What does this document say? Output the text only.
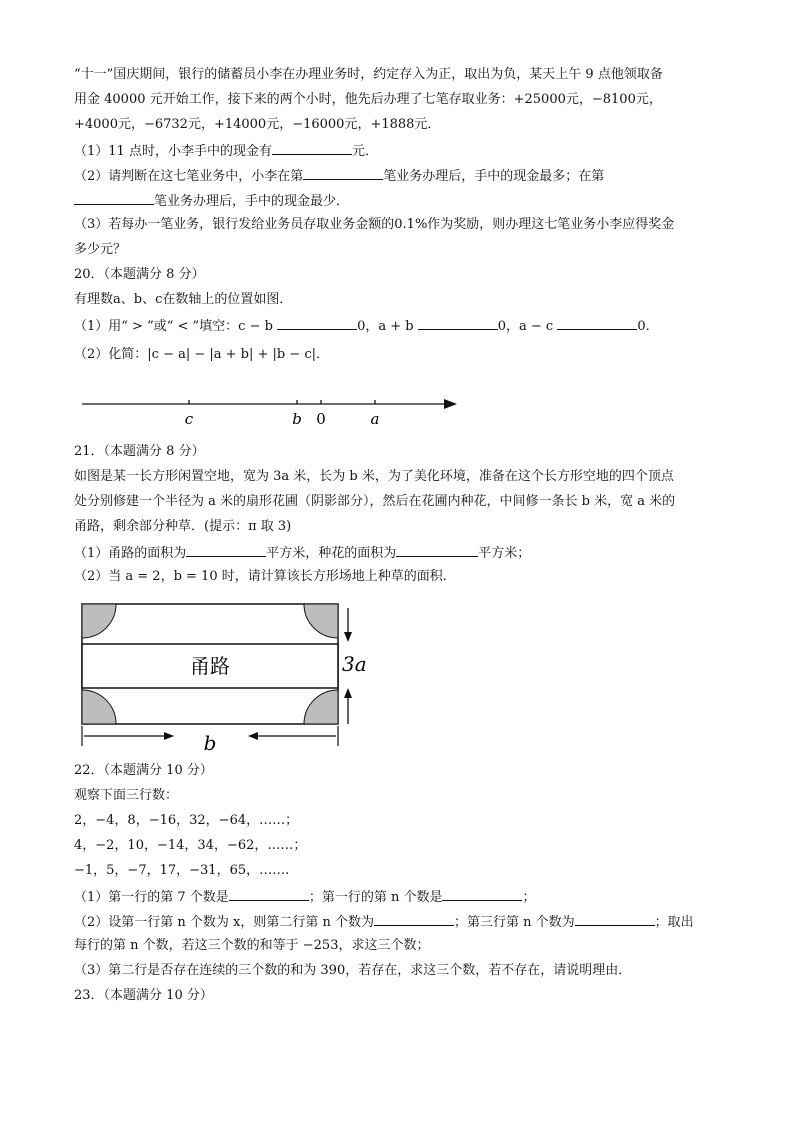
“十一”国庆期间，银行的储蓄员小李在办理业务时，约定存入为正，取出为负，某天上午 9 点他领取备
用金 40000 元开始工作，接下来的两个小时，他先后办理了七笔存取业务：+25000元，−8100元，
+4000元，−6732元，+14000元，−16000元，+1888元．
（1）11 点时，小李手中的现金有	元．
（2）请判断在这七笔业务中，小李在第	笔业务办理后，手中的现金最多；在第
笔业务办理后，手中的现金最少．
（3）若每办一笔业务，银行发给业务员存取业务金额的0.1%作为奖励，则办理这七笔业务小李应得奖金
多少元？
20．（本题满分 8 分）
有理数a、b、c在数轴上的位置如图．
（1）用“ > ”或“ < ”填空：c − b	0，a + b	0，a − c	0．
（2）化简：|c − a| − |a + b| + |b − c|．
c	b 0	a
21．（本题满分 8 分）
如图是某一长方形闲置空地，宽为 3a 米，长为 b 米，为了美化环境，准备在这个长方形空地的四个顶点
处分别修建一个半径为 a 米的扇形花圃（阴影部分），然后在花圃内种花，中间修一条长 b 米，宽 a 米的
甬路，剩余部分种草．(提示：π 取 3)
（1）甬路的面积为	平方米，种花的面积为	平方米；
（2）当 a = 2，b = 10 时，请计算该长方形场地上种草的面积．
甬路	3a
b
22．（本题满分 10 分）
观察下面三行数：
2，−4，8，−16，32，−64，……；
4，−2，10，−14，34，−62，……；
−1，5，−7，17，−31，65，…….
（1）第一行的第 7 个数是	；第一行的第 n 个数是	；
（2）设第一行第 n 个数为 x，则第二行第 n 个数为	；第三行第 n 个数为	；取出
每行的第 n 个数，若这三个数的和等于 −253，求这三个数；
（3）第二行是否存在连续的三个数的和为 390，若存在，求这三个数，若不存在，请说明理由．
23．（本题满分 10 分）
